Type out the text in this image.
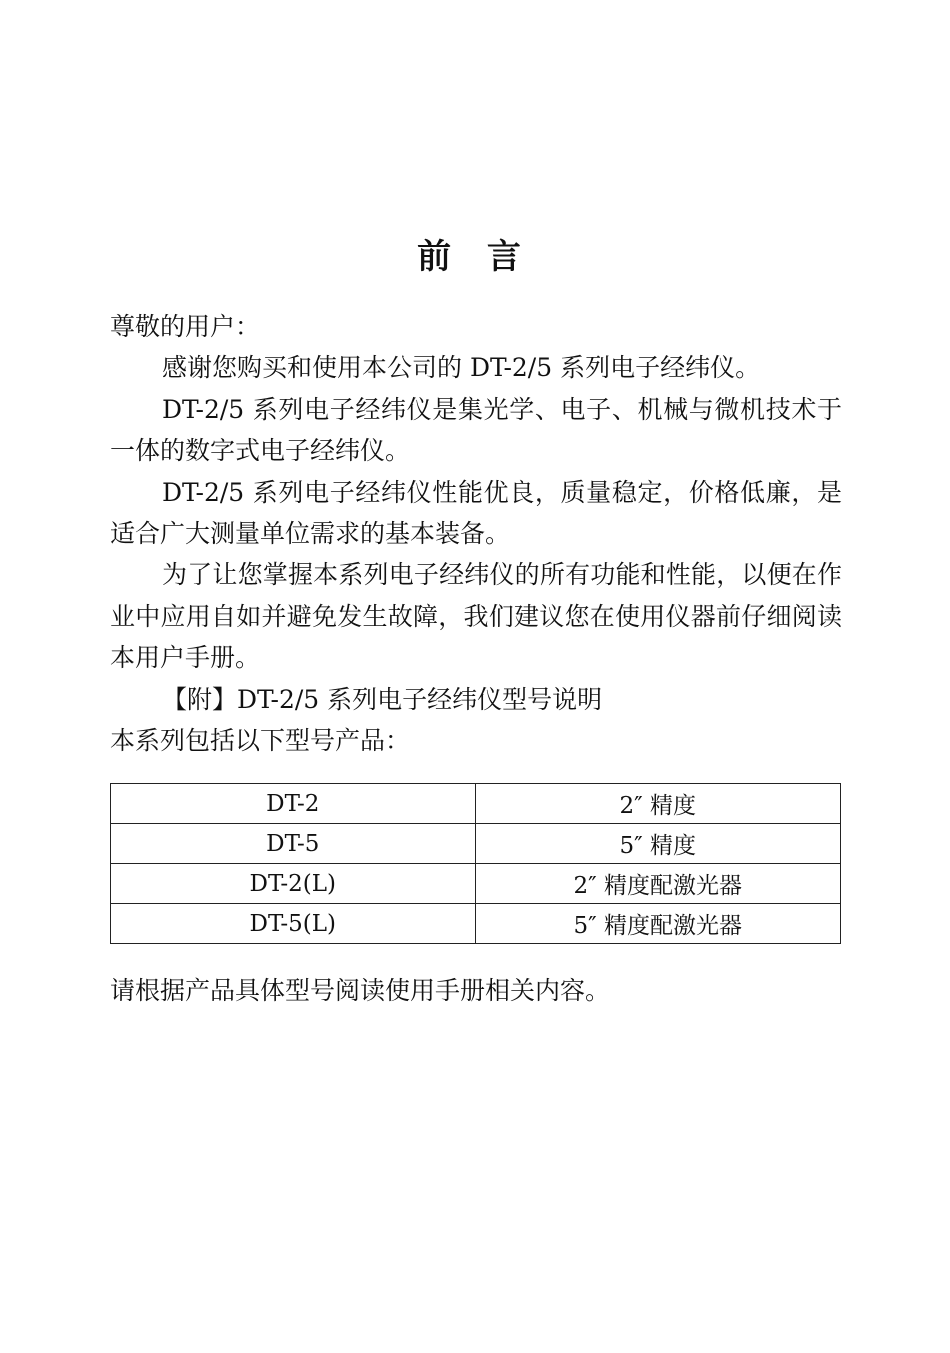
前 言

尊敬的用户：

感谢您购买和使用本公司的 DT-2/5 系列电子经纬仪。

DT-2/5 系列电子经纬仪是集光学、电子、机械与微机技术于一体的数字式电子经纬仪。

DT-2/5 系列电子经纬仪性能优良，质量稳定，价格低廉，是适合广大测量单位需求的基本装备。

为了让您掌握本系列电子经纬仪的所有功能和性能，以便在作业中应用自如并避免发生故障，我们建议您在使用仪器前仔细阅读本用户手册。

【附】DT-2/5 系列电子经纬仪型号说明

本系列包括以下型号产品：

DT-2	2″ 精度
DT-5	5″ 精度
DT-2(L)	2″ 精度配激光器
DT-5(L)	5″ 精度配激光器

请根据产品具体型号阅读使用手册相关内容。
